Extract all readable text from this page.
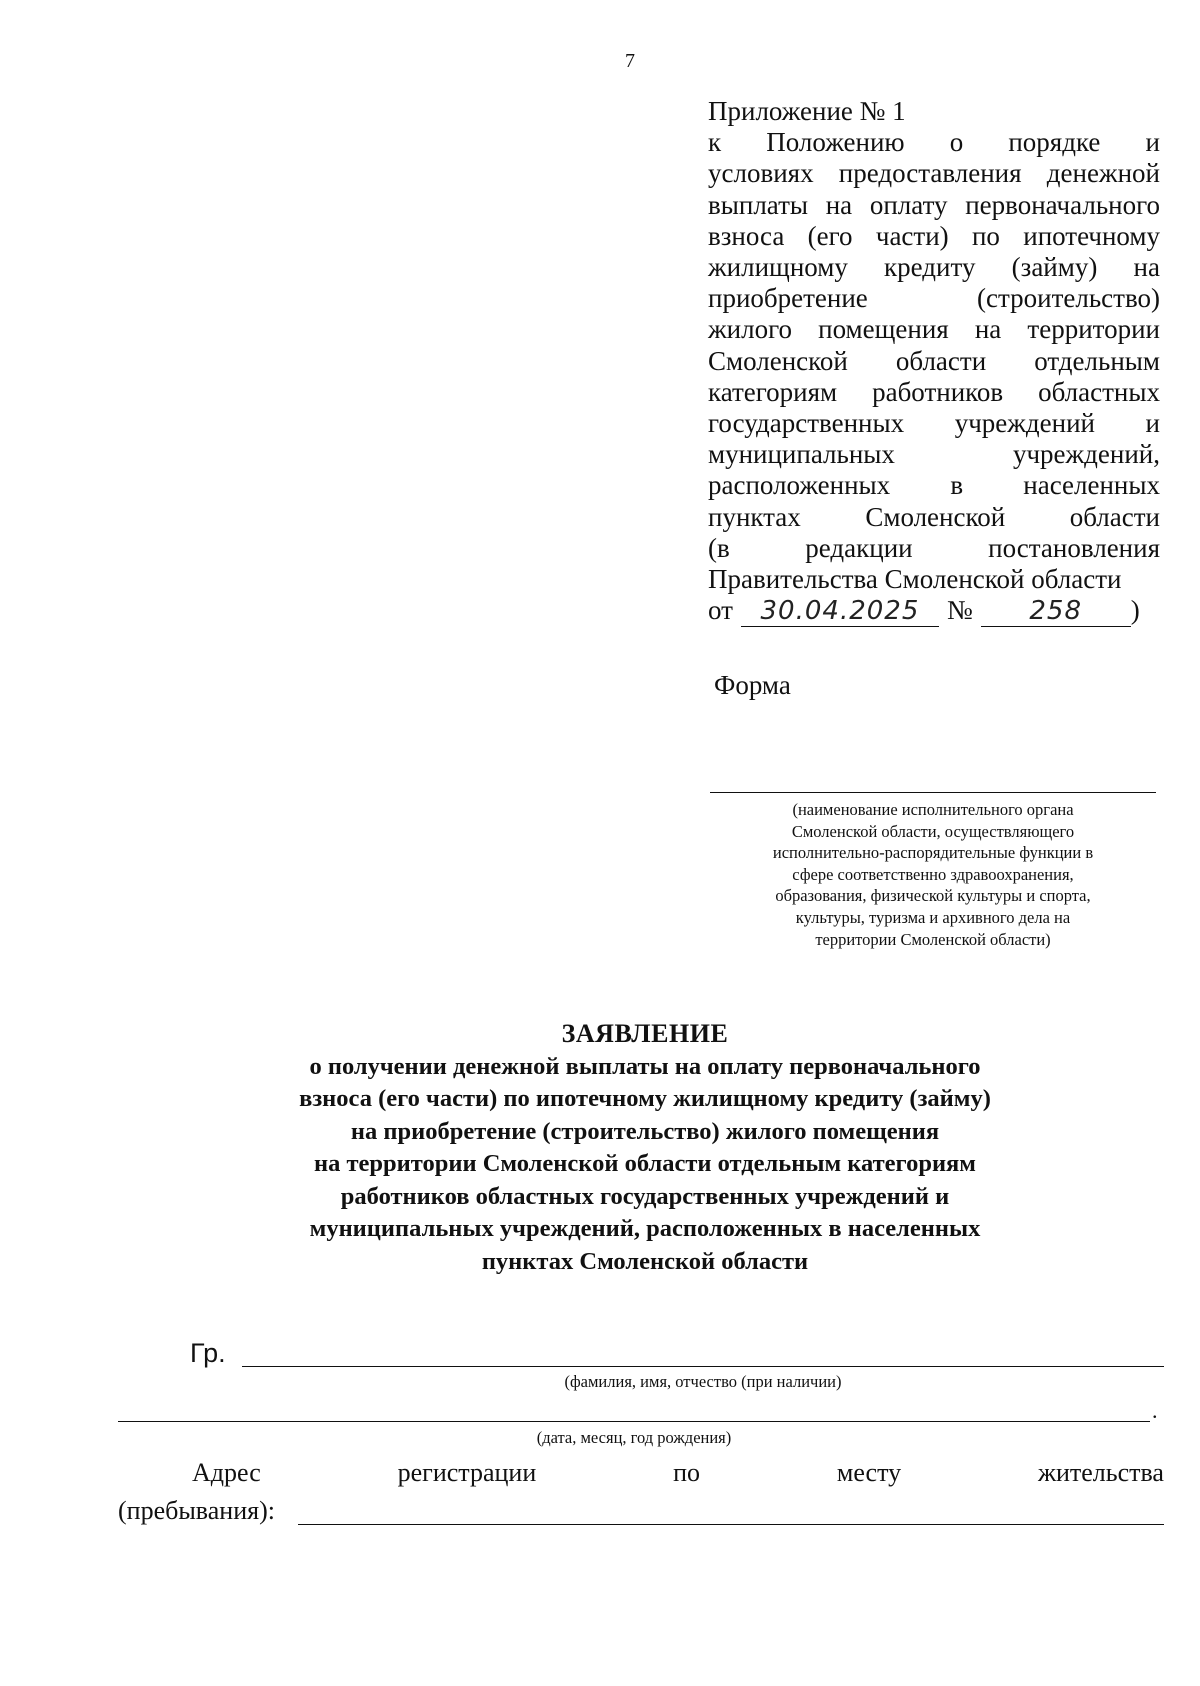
7
Приложение № 1
к Положению о порядке и
условиях предоставления денежной
выплаты на оплату первоначального
взноса (его части) по ипотечному
жилищному кредиту (займу) на
приобретение (строительство)
жилого помещения на территории
Смоленской области отдельным
категориям работников областных
государственных учреждений и
муниципальных учреждений,
расположенных в населенных
пунктах Смоленской области
(в редакции постановления
Правительства Смоленской области
от	30.04.2025	№	258	)
Форма
(наименование исполнительного органа
Смоленской области, осуществляющего
исполнительно-распорядительные функции в
сфере соответственно здравоохранения,
образования, физической культуры и спорта,
культуры, туризма и архивного дела на
территории Смоленской области)
ЗАЯВЛЕНИЕ
о получении денежной выплаты на оплату первоначального
взноса (его части) по ипотечному жилищному кредиту (займу)
на приобретение (строительство) жилого помещения
на территории Смоленской области отдельным категориям
работников областных государственных учреждений и
муниципальных учреждений, расположенных в населенных
пунктах Смоленской области
Гр.
(фамилия, имя, отчество (при наличии)
.
(дата, месяц, год рождения)
Адрес	регистрации	по	месту	жительства
(пребывания):
